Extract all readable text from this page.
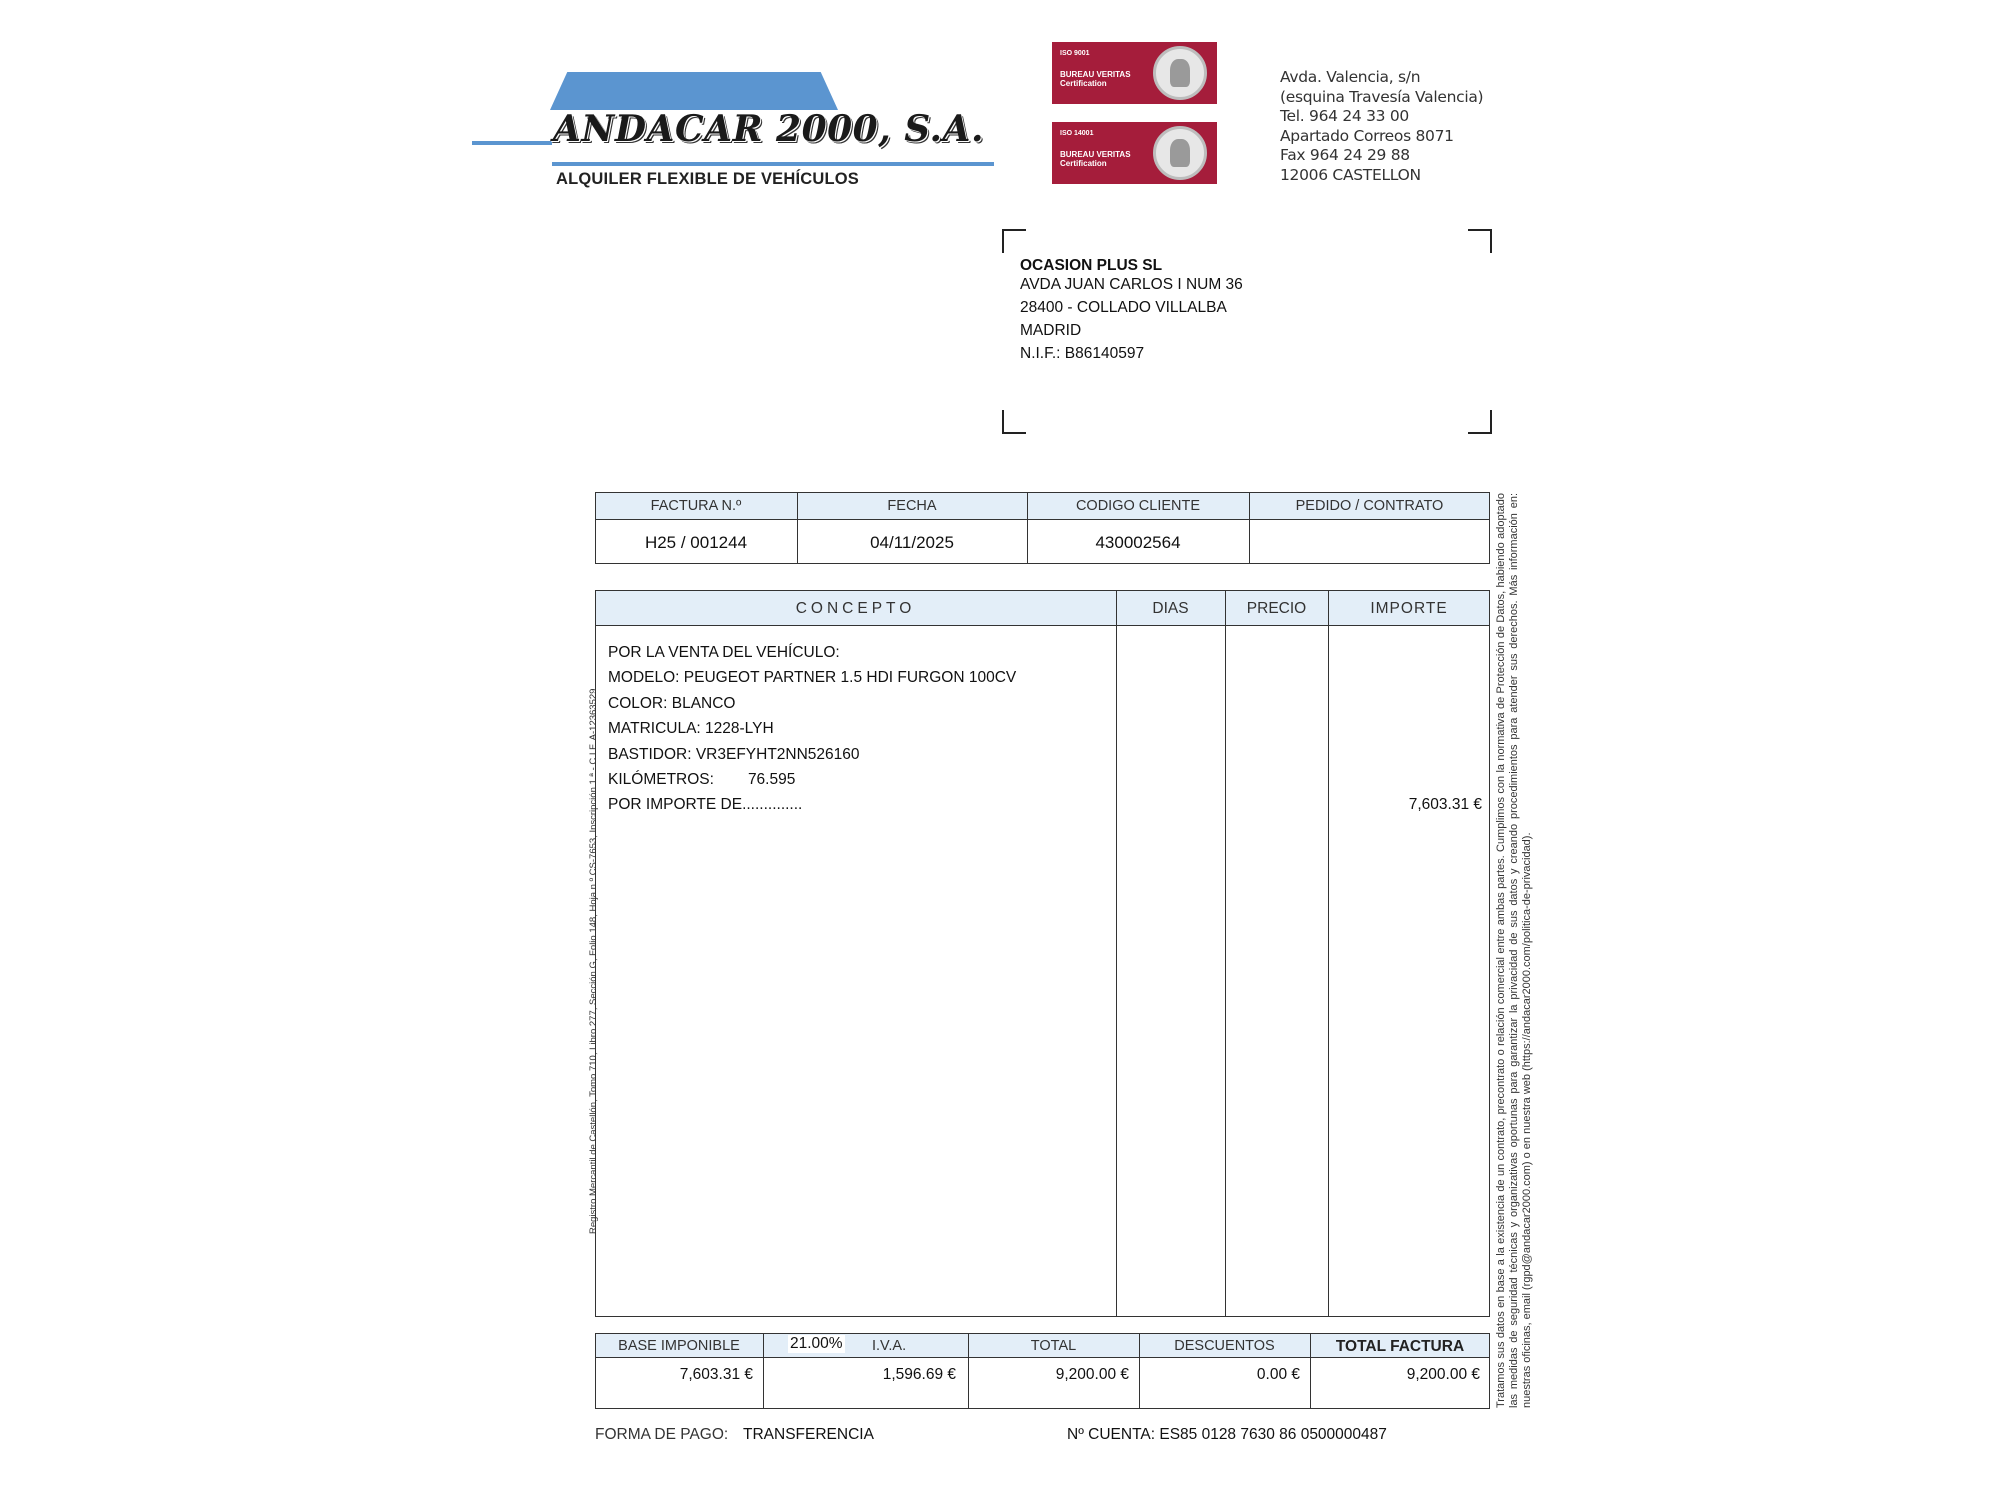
ANDACAR 2000, S.A.
ALQUILER FLEXIBLE DE VEHÍCULOS
ISO 9001
BUREAU VERITAS
Certification
ISO 14001
BUREAU VERITAS
Certification
Avda. Valencia, s/n
(esquina Travesía Valencia)
Tel. 964 24 33 00
Apartado Correos 8071
Fax 964 24 29 88
12006 CASTELLON
OCASION PLUS SL
AVDA JUAN CARLOS I NUM 36
28400 - COLLADO VILLALBA
MADRID
N.I.F.: B86140597
FACTURA N.º	FECHA	CODIGO CLIENTE	PEDIDO / CONTRATO
H25 / 001244	04/11/2025	430002564
CONCEPTO	DIAS	PRECIO	IMPORTE
POR LA VENTA DEL VEHÍCULO:
MODELO: PEUGEOT PARTNER 1.5 HDI FURGON 100CV
COLOR: BLANCO
MATRICULA: 1228-LYH
BASTIDOR: VR3EFYHT2NN526160
KILÓMETROS: 76.595
POR IMPORTE DE..............	7,603.31 €
BASE IMPONIBLE	21.00% I.V.A.	TOTAL	DESCUENTOS	TOTAL FACTURA
7,603.31 €	1,596.69 €	9,200.00 €	0.00 €	9,200.00 €
FORMA DE PAGO: TRANSFERENCIA	Nº CUENTA: ES85 0128 7630 86 0500000487
Registro Mercantil de Castellón, Tomo 710, Libro 277, Sección G, Folio 148, Hoja n.º CS-7653, Inscripción 1.ª - C.I.F. A-12363529	Tratamos sus datos en base a la existencia de un contrato, precontrato o relación comercial entre ambas partes. Cumplimos con la normativa de Protección de Datos, habiendo adoptado las medidas de seguridad técnicas y organizativas oportunas para garantizar la privacidad de sus datos y creando procedimientos para atender sus derechos. Más información en: nuestras oficinas, email (rgpd@andacar2000.com) o en nuestra web (https://andacar2000.com/politica-de-privacidad).
